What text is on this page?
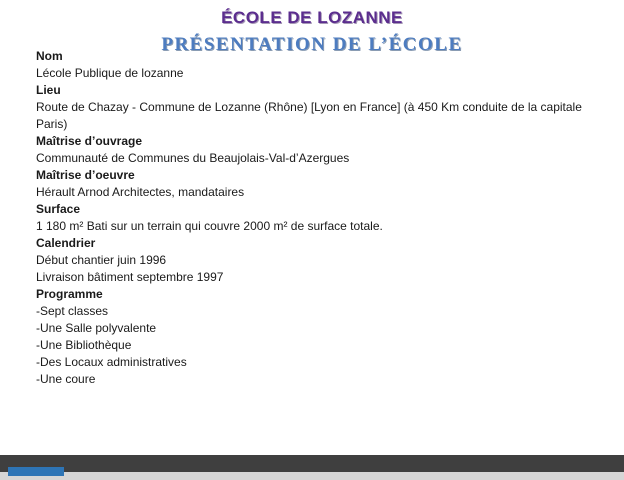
ÉCOLE DE LOZANNE
PRÉSENTATION DE L’ÉCOLE

Nom

Lécole Publique de lozanne

Lieu

Route de Chazay - Commune de Lozanne (Rhône) [Lyon en France] (à 450 Km conduite de la capitale Paris)

Maîtrise d’ouvrage

Communauté de Communes du Beaujolais-Val-d’Azergues

Maîtrise d’oeuvre

Hérault Arnod Architectes, mandataires

Surface

1 180 m² Bati sur un terrain qui couvre 2000 m² de surface totale.

Calendrier

Début chantier juin 1996

Livraison bâtiment septembre 1997

Programme

-Sept classes

-Une Salle polyvalente

-Une Bibliothèque

-Des Locaux administratives

-Une coure
